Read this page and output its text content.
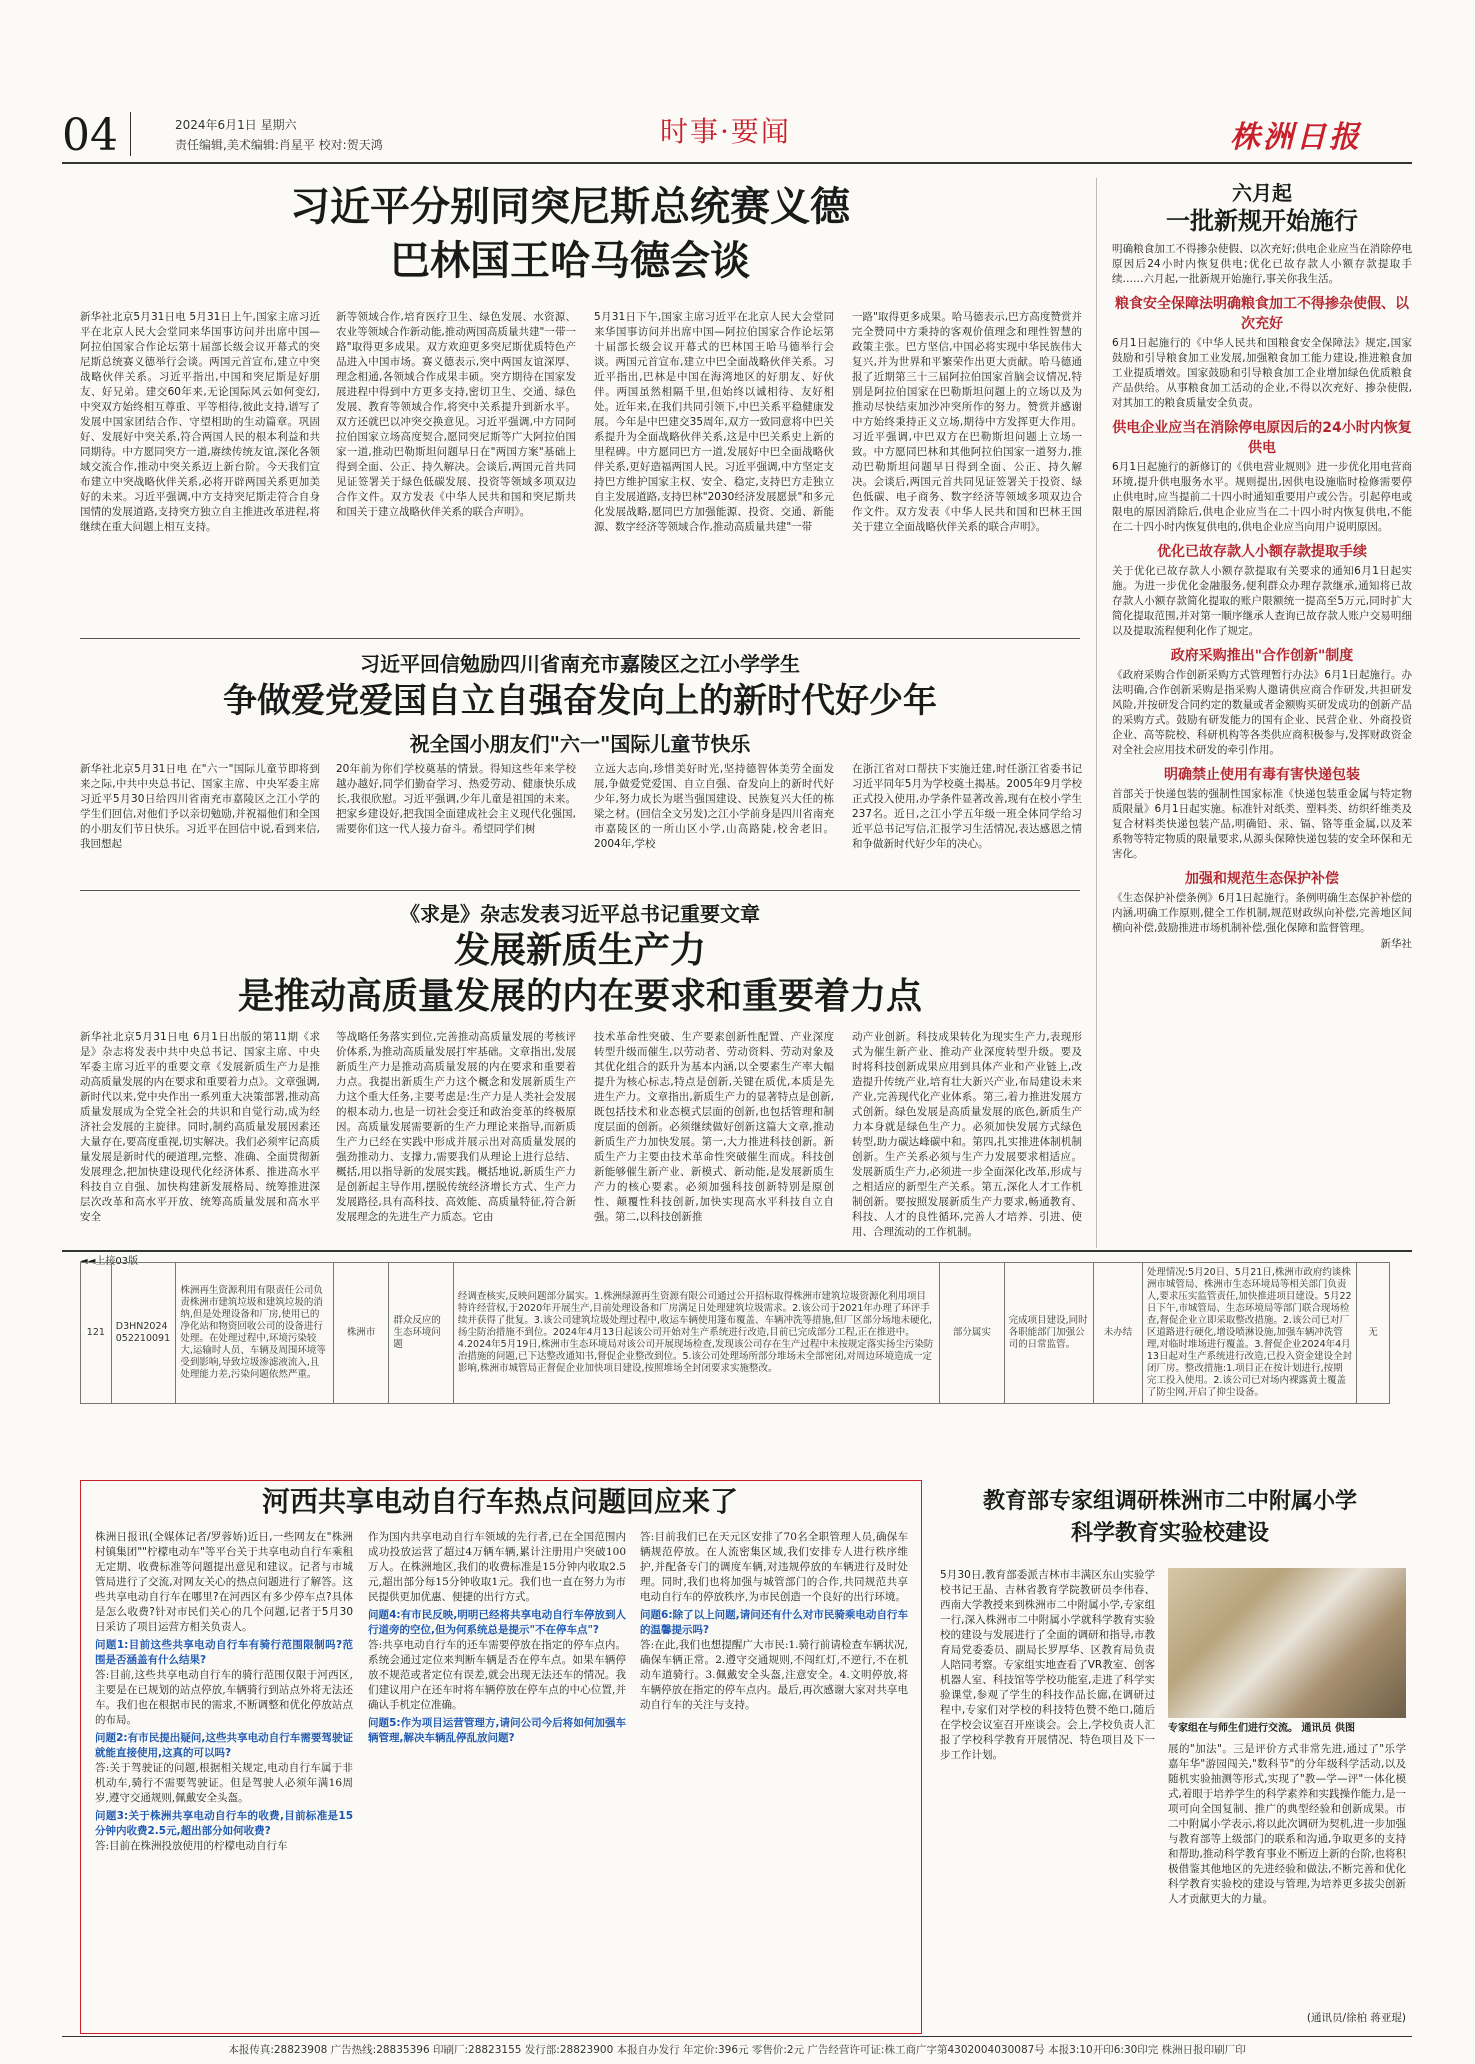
04	2024年6月1日 星期六
责任编辑,美术编辑:肖星平 校对:贺天鸿	时事·要闻	株洲日报
习近平分别同突尼斯总统赛义德
巴林国王哈马德会谈
新华社北京5月31日电 5月31日上午,国家主席习近平在北京人民大会堂同来华国事访问并出席中国—阿拉伯国家合作论坛第十届部长级会议开幕式的突尼斯总统赛义德举行会谈。两国元首宣布,建立中突战略伙伴关系。习近平指出,中国和突尼斯是好朋友、好兄弟。建交60年来,无论国际风云如何变幻,中突双方始终相互尊重、平等相待,彼此支持,谱写了发展中国家团结合作、守望相助的生动篇章。巩固好、发展好中突关系,符合两国人民的根本利益和共同期待。中方愿同突方一道,赓续传统友谊,深化各领域交流合作,推动中突关系迈上新台阶。今天我们宣布建立中突战略伙伴关系,必将开辟两国关系更加美好的未来。习近平强调,中方支持突尼斯走符合自身国情的发展道路,支持突方独立自主推进改革进程,将继续在重大问题上相互支持。
新等领域合作,培育医疗卫生、绿色发展、水资源、农业等领域合作新动能,推动两国高质量共建"一带一路"取得更多成果。双方欢迎更多突尼斯优质特色产品进入中国市场。赛义德表示,突中两国友谊深厚、理念相通,各领域合作成果丰硕。突方期待在国家发展进程中得到中方更多支持,密切卫生、交通、绿色发展、教育等领域合作,将突中关系提升到新水平。双方还就巴以冲突交换意见。习近平强调,中方同阿拉伯国家立场高度契合,愿同突尼斯等广大阿拉伯国家一道,推动巴勒斯坦问题早日在"两国方案"基础上得到全面、公正、持久解决。会谈后,两国元首共同见证签署关于绿色低碳发展、投资等领域多项双边合作文件。双方发表《中华人民共和国和突尼斯共和国关于建立战略伙伴关系的联合声明》。
5月31日下午,国家主席习近平在北京人民大会堂同来华国事访问并出席中国—阿拉伯国家合作论坛第十届部长级会议开幕式的巴林国王哈马德举行会谈。两国元首宣布,建立中巴全面战略伙伴关系。习近平指出,巴林是中国在海湾地区的好朋友、好伙伴。两国虽然相隔千里,但始终以诚相待、友好相处。近年来,在我们共同引领下,中巴关系平稳健康发展。今年是中巴建交35周年,双方一致同意将中巴关系提升为全面战略伙伴关系,这是中巴关系史上新的里程碑。中方愿同巴方一道,发展好中巴全面战略伙伴关系,更好造福两国人民。习近平强调,中方坚定支持巴方维护国家主权、安全、稳定,支持巴方走独立自主发展道路,支持巴林"2030经济发展愿景"和多元化发展战略,愿同巴方加强能源、投资、交通、新能源、数字经济等领域合作,推动高质量共建"一带
一路"取得更多成果。哈马德表示,巴方高度赞赏并完全赞同中方秉持的客观价值理念和理性智慧的政策主张。巴方坚信,中国必将实现中华民族伟大复兴,并为世界和平繁荣作出更大贡献。哈马德通报了近期第三十三届阿拉伯国家首脑会议情况,特别是阿拉伯国家在巴勒斯坦问题上的立场以及为推动尽快结束加沙冲突所作的努力。赞赏并感谢中方始终秉持正义立场,期待中方发挥更大作用。习近平强调,中巴双方在巴勒斯坦问题上立场一致。中方愿同巴林和其他阿拉伯国家一道努力,推动巴勒斯坦问题早日得到全面、公正、持久解决。会谈后,两国元首共同见证签署关于投资、绿色低碳、电子商务、数字经济等领域多项双边合作文件。双方发表《中华人民共和国和巴林王国关于建立全面战略伙伴关系的联合声明》。
习近平回信勉励四川省南充市嘉陵区之江小学学生
争做爱党爱国自立自强奋发向上的新时代好少年
祝全国小朋友们"六一"国际儿童节快乐
新华社北京5月31日电 在"六一"国际儿童节即将到来之际,中共中央总书记、国家主席、中央军委主席习近平5月30日给四川省南充市嘉陵区之江小学的学生们回信,对他们予以亲切勉励,并祝福他们和全国的小朋友们节日快乐。习近平在回信中说,看到来信,我回想起
20年前为你们学校奠基的情景。得知这些年来学校越办越好,同学们勤奋学习、热爱劳动、健康快乐成长,我很欣慰。习近平强调,少年儿童是祖国的未来。把家乡建设好,把我国全面建成社会主义现代化强国,需要你们这一代人接力奋斗。希望同学们树
立远大志向,珍惜美好时光,坚持德智体美劳全面发展,争做爱党爱国、自立自强、奋发向上的新时代好少年,努力成长为堪当强国建设、民族复兴大任的栋梁之材。(回信全文另发)之江小学前身是四川省南充市嘉陵区的一所山区小学,山高路陡,校舍老旧。2004年,学校
在浙江省对口帮扶下实施迁建,时任浙江省委书记习近平同年5月为学校奠土揭基。2005年9月学校正式投入使用,办学条件显著改善,现有在校小学生237名。近日,之江小学五年级一班全体同学给习近平总书记写信,汇报学习生活情况,表达感恩之情和争做新时代好少年的决心。
《求是》杂志发表习近平总书记重要文章
发展新质生产力
是推动高质量发展的内在要求和重要着力点
新华社北京5月31日电 6月1日出版的第11期《求是》杂志将发表中共中央总书记、国家主席、中央军委主席习近平的重要文章《发展新质生产力是推动高质量发展的内在要求和重要着力点》。文章强调,新时代以来,党中央作出一系列重大决策部署,推动高质量发展成为全党全社会的共识和自觉行动,成为经济社会发展的主旋律。同时,制约高质量发展因素还大量存在,要高度重视,切实解决。我们必须牢记高质量发展是新时代的硬道理,完整、准确、全面贯彻新发展理念,把加快建设现代化经济体系、推进高水平科技自立自强、加快构建新发展格局、统筹推进深层次改革和高水平开放、统筹高质量发展和高水平安全
等战略任务落实到位,完善推动高质量发展的考核评价体系,为推动高质量发展打牢基础。文章指出,发展新质生产力是推动高质量发展的内在要求和重要着力点。我提出新质生产力这个概念和发展新质生产力这个重大任务,主要考虑是:生产力是人类社会发展的根本动力,也是一切社会变迁和政治变革的终极原因。高质量发展需要新的生产力理论来指导,而新质生产力已经在实践中形成并展示出对高质量发展的强劲推动力、支撑力,需要我们从理论上进行总结、概括,用以指导新的发展实践。概括地说,新质生产力是创新起主导作用,摆脱传统经济增长方式、生产力发展路径,具有高科技、高效能、高质量特征,符合新发展理念的先进生产力质态。它由
技术革命性突破、生产要素创新性配置、产业深度转型升级而催生,以劳动者、劳动资料、劳动对象及其优化组合的跃升为基本内涵,以全要素生产率大幅提升为核心标志,特点是创新,关键在质优,本质是先进生产力。文章指出,新质生产力的显著特点是创新,既包括技术和业态模式层面的创新,也包括管理和制度层面的创新。必须继续做好创新这篇大文章,推动新质生产力加快发展。第一,大力推进科技创新。新质生产力主要由技术革命性突破催生而成。科技创新能够催生新产业、新模式、新动能,是发展新质生产力的核心要素。必须加强科技创新特别是原创性、颠覆性科技创新,加快实现高水平科技自立自强。第二,以科技创新推
动产业创新。科技成果转化为现实生产力,表现形式为催生新产业、推动产业深度转型升级。要及时将科技创新成果应用到具体产业和产业链上,改造提升传统产业,培育壮大新兴产业,布局建设未来产业,完善现代化产业体系。第三,着力推进发展方式创新。绿色发展是高质量发展的底色,新质生产力本身就是绿色生产力。必须加快发展方式绿色转型,助力碳达峰碳中和。第四,扎实推进体制机制创新。生产关系必须与生产力发展要求相适应。发展新质生产力,必须进一步全面深化改革,形成与之相适应的新型生产关系。第五,深化人才工作机制创新。要按照发展新质生产力要求,畅通教育、科技、人才的良性循环,完善人才培养、引进、使用、合理流动的工作机制。
六月起
一批新规开始施行
明确粮食加工不得掺杂使假、以次充好;供电企业应当在消除停电原因后24小时内恢复供电;优化已故存款人小额存款提取手续……六月起,一批新规开始施行,事关你我生活。
粮食安全保障法明确粮食加工不得掺杂使假、以次充好
6月1日起施行的《中华人民共和国粮食安全保障法》规定,国家鼓励和引导粮食加工业发展,加强粮食加工能力建设,推进粮食加工业提质增效。国家鼓励和引导粮食加工企业增加绿色优质粮食产品供给。从事粮食加工活动的企业,不得以次充好、掺杂使假,对其加工的粮食质量安全负责。
供电企业应当在消除停电原因后的24小时内恢复供电
6月1日起施行的新修订的《供电营业规则》进一步优化用电营商环境,提升供电服务水平。规则提出,因供电设施临时检修需要停止供电时,应当提前二十四小时通知重要用户或公告。引起停电或限电的原因消除后,供电企业应当在二十四小时内恢复供电,不能在二十四小时内恢复供电的,供电企业应当向用户说明原因。
优化已故存款人小额存款提取手续
关于优化已故存款人小额存款提取有关要求的通知6月1日起实施。为进一步优化金融服务,便利群众办理存款继承,通知将已故存款人小额存款简化提取的账户限额统一提高至5万元,同时扩大简化提取范围,并对第一顺序继承人查询已故存款人账户交易明细以及提取流程便利化作了规定。
政府采购推出"合作创新"制度
《政府采购合作创新采购方式管理暂行办法》6月1日起施行。办法明确,合作创新采购是指采购人邀请供应商合作研发,共担研发风险,并按研发合同约定的数量或者金额购买研发成功的创新产品的采购方式。鼓励有研发能力的国有企业、民营企业、外商投资企业、高等院校、科研机构等各类供应商积极参与,发挥财政资金对全社会应用技术研发的牵引作用。
明确禁止使用有毒有害快递包装
首部关于快递包装的强制性国家标准《快递包装重金属与特定物质限量》6月1日起实施。标准针对纸类、塑料类、纺织纤维类及复合材料类快递包装产品,明确铅、汞、镉、铬等重金属,以及苯系物等特定物质的限量要求,从源头保障快递包装的安全环保和无害化。
加强和规范生态保护补偿
《生态保护补偿条例》6月1日起施行。条例明确生态保护补偿的内涵,明确工作原则,健全工作机制,规范财政纵向补偿,完善地区间横向补偿,鼓励推进市场机制补偿,强化保障和监督管理。
新华社
◄◄上接03版
121	D3HN2024052210091	株洲再生资源利用有限责任公司负责株洲市建筑垃圾和建筑垃圾的消纳,但是处理设备和厂房,使用已的净化站和物资回收公司的设备进行处理。在处理过程中,环境污染较大,运输时人员、车辆及周围环境等受到影响,导致垃圾渗滤液流入,且处理能力差,污染问题依然严重。	株洲市	群众反应的生态环境问题	经调查核实,反映问题部分属实。1.株洲绿源再生资源有限公司通过公开招标取得株洲市建筑垃圾资源化利用项目特许经营权,于2020年开展生产,目前处理设备和厂房满足日处理建筑垃圾需求。2.该公司于2021年办理了环评手续并获得了批复。3.该公司建筑垃圾处理过程中,收运车辆使用篷布覆盖、车辆冲洗等措施,但厂区部分场地未硬化,扬尘防治措施不到位。2024年4月13日起该公司开始对生产系统进行改造,目前已完成部分工程,正在推进中。4.2024年5月19日,株洲市生态环境局对该公司开展现场检查,发现该公司存在生产过程中未按规定落实扬尘污染防治措施的问题,已下达整改通知书,督促企业整改到位。5.该公司处理场所部分堆场未全部密闭,对周边环境造成一定影响,株洲市城管局正督促企业加快项目建设,按照堆场全封闭要求实施整改。	部分属实	完成项目建设,同时各职能部门加强公司的日常监管。	未办结	处理情况:5月20日、5月21日,株洲市政府约谈株洲市城管局、株洲市生态环境局等相关部门负责人,要求压实监管责任,加快推进项目建设。5月22日下午,市城管局、生态环境局等部门联合现场检查,督促企业立即采取整改措施。2.该公司已对厂区道路进行硬化,增设喷淋设施,加强车辆冲洗管理,对临时堆场进行覆盖。3.督促企业2024年4月13日起对生产系统进行改造,已投入资金建设全封闭厂房。整改措施:1.项目正在按计划进行,按期完工投入使用。2.该公司已对场内裸露黄土覆盖了防尘网,开启了抑尘设备。	无
河西共享电动自行车热点问题回应来了
株洲日报讯(全媒体记者/罗蓉娇)近日,一些网友在"株洲村镇集团""柠檬电动车"等平台关于共享电动自行车乘租无定期、收费标准等问题提出意见和建议。记者与市城管局进行了交流,对网友关心的热点问题进行了解答。这些共享电动自行车在哪里?在河西区有多少停车点?具体是怎么收费?针对市民们关心的几个问题,记者于5月30日采访了项目运营方相关负责人。
问题1:目前这些共享电动自行车有骑行范围限制吗?范围是否涵盖有什么结果?
答:目前,这些共享电动自行车的骑行范围仅限于河西区,主要是在已规划的站点停放,车辆骑行到站点外将无法还车。我们也在根据市民的需求,不断调整和优化停放站点的布局。
问题2:有市民提出疑问,这些共享电动自行车需要驾驶证就能直接使用,这真的可以吗?
答:关于驾驶证的问题,根据相关规定,电动自行车属于非机动车,骑行不需要驾驶证。但是驾驶人必须年满16周岁,遵守交通规则,佩戴安全头盔。
问题3:关于株洲共享电动自行车的收费,目前标准是15分钟内收费2.5元,超出部分如何收费?
答:目前在株洲投放使用的柠檬电动自行车
作为国内共享电动自行车领域的先行者,已在全国范围内成功投放运营了超过4万辆车辆,累计注册用户突破100万人。在株洲地区,我们的收费标准是15分钟内收取2.5元,超出部分每15分钟收取1元。我们也一直在努力为市民提供更加优惠、便捷的出行方式。
问题4:有市民反映,明明已经将共享电动自行车停放到人行道旁的空位,但为何系统总是提示"不在停车点"?
答:共享电动自行车的还车需要停放在指定的停车点内。系统会通过定位来判断车辆是否在停车点。如果车辆停放不规范或者定位有误差,就会出现无法还车的情况。我们建议用户在还车时将车辆停放在停车点的中心位置,并确认手机定位准确。
问题5:作为项目运营管理方,请问公司今后将如何加强车辆管理,解决车辆乱停乱放问题?
答:目前我们已在天元区安排了70名全职管理人员,确保车辆规范停放。在人流密集区域,我们安排专人进行秩序维护,并配备专门的调度车辆,对违规停放的车辆进行及时处理。同时,我们也将加强与城管部门的合作,共同规范共享电动自行车的停放秩序,为市民创造一个良好的出行环境。
问题6:除了以上问题,请问还有什么对市民骑乘电动自行车的温馨提示吗?
答:在此,我们也想提醒广大市民:1.骑行前请检查车辆状况,确保车辆正常。2.遵守交通规则,不闯红灯,不逆行,不在机动车道骑行。3.佩戴安全头盔,注意安全。4.文明停放,将车辆停放在指定的停车点内。最后,再次感谢大家对共享电动自行车的关注与支持。
教育部专家组调研株洲市二中附属小学
科学教育实验校建设
5月30日,教育部委派吉林市丰满区东山实验学校书记王晶、吉林省教育学院教研员李伟春、西南大学教授来到株洲市二中附属小学,专家组一行,深入株洲市二中附属小学就科学教育实验校的建设与发展进行了全面的调研和指导,市教育局党委委员、副局长罗厚华、区教育局负责人陪同考察。专家组实地查看了VR教室、创客机器人室、科技馆等学校功能室,走进了科学实验课堂,参观了学生的科技作品长廊,在调研过程中,专家们对学校的科技特色赞不绝口,随后在学校会议室召开座谈会。会上,学校负责人汇报了学校科学教育开展情况、特色项目及下一步工作计划。
专家组在与师生们进行交流。 通讯员 供图
展的"加法"。三是评价方式非常先进,通过了"乐学嘉年华"游园闯关,"数科节"的分年级科学活动,以及随机实验抽测等形式,实现了"教—学—评"一体化模式,着眼于培养学生的科学素养和实践操作能力,是一项可向全国复制、推广的典型经验和创新成果。市二中附属小学表示,将以此次调研为契机,进一步加强与教育部等上级部门的联系和沟通,争取更多的支持和帮助,推动科学教育事业不断迈上新的台阶,也将积极借鉴其他地区的先进经验和做法,不断完善和优化科学教育实验校的建设与管理,为培养更多拔尖创新人才贡献更大的力量。
(通讯员/徐柏 蒋亚琨)
本报传真:28823908 广告热线:28835396 印刷厂:28823155 发行部:28823900 本报自办发行 年定价:396元 零售价:2元 广告经营许可证:株工商广字第4302004030087号 本报3:10开印6:30印完 株洲日报印刷厂印
